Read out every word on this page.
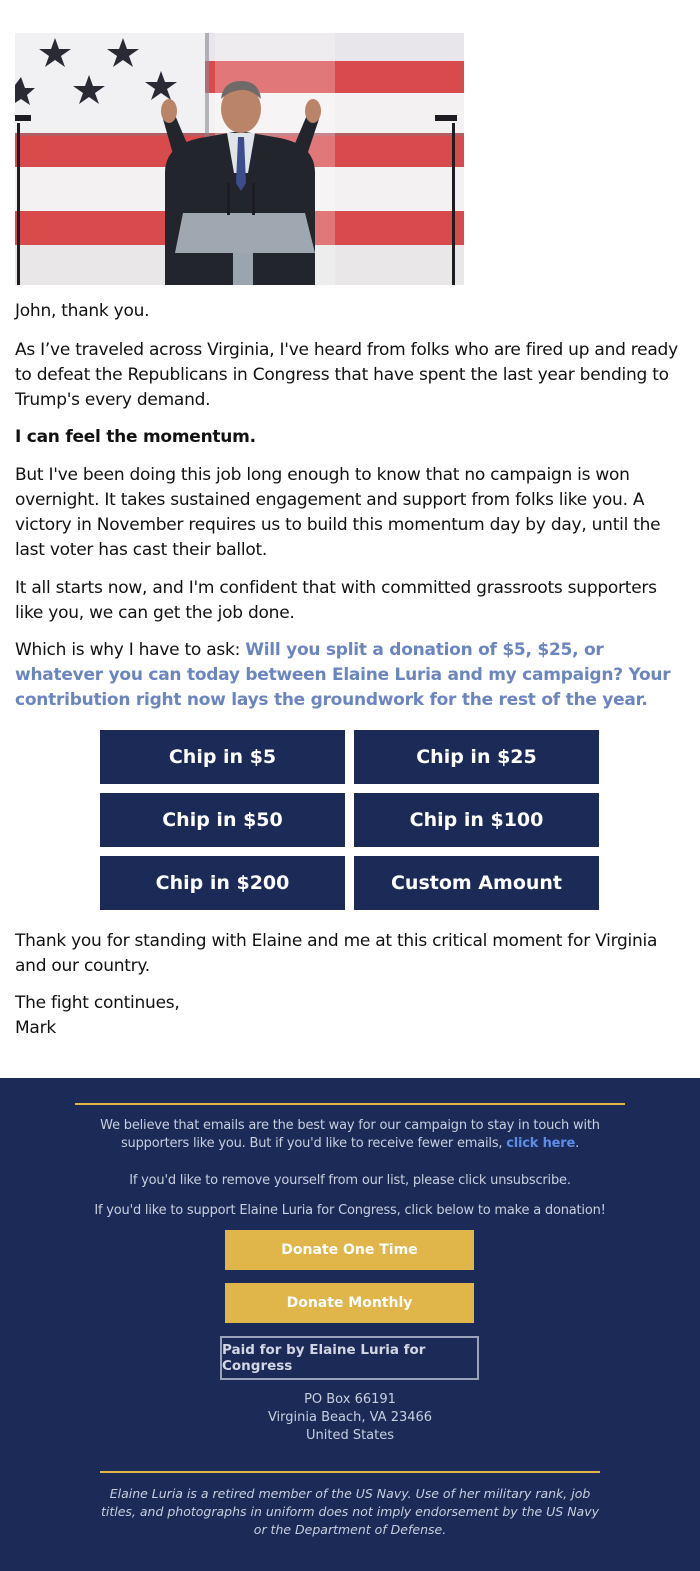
John, thank you.

As I’ve traveled across Virginia, I've heard from folks who are fired up and ready to defeat the Republicans in Congress that have spent the last year bending to Trump's every demand.

I can feel the momentum.

But I've been doing this job long enough to know that no campaign is won overnight. It takes sustained engagement and support from folks like you. A victory in November requires us to build this momentum day by day, until the last voter has cast their ballot.

It all starts now, and I'm confident that with committed grassroots supporters like you, we can get the job done.

Which is why I have to ask: Will you split a donation of $5, $25, or whatever you can today between Elaine Luria and my campaign? Your contribution right now lays the groundwork for the rest of the year.

Chip in $5	Chip in $25
Chip in $50	Chip in $100
Chip in $200	Custom Amount

Thank you for standing with Elaine and me at this critical moment for Virginia and our country.

The fight continues,

Mark

We believe that emails are the best way for our campaign to stay in touch with supporters like you. But if you'd like to receive fewer emails, click here.

If you'd like to remove yourself from our list, please click unsubscribe.

If you'd like to support Elaine Luria for Congress, click below to make a donation!

Donate One Time
Donate Monthly
Paid for by Elaine Luria for Congress
PO Box 66191
Virginia Beach, VA 23466
United States

Elaine Luria is a retired member of the US Navy. Use of her military rank, job titles, and photographs in uniform does not imply endorsement by the US Navy or the Department of Defense.
